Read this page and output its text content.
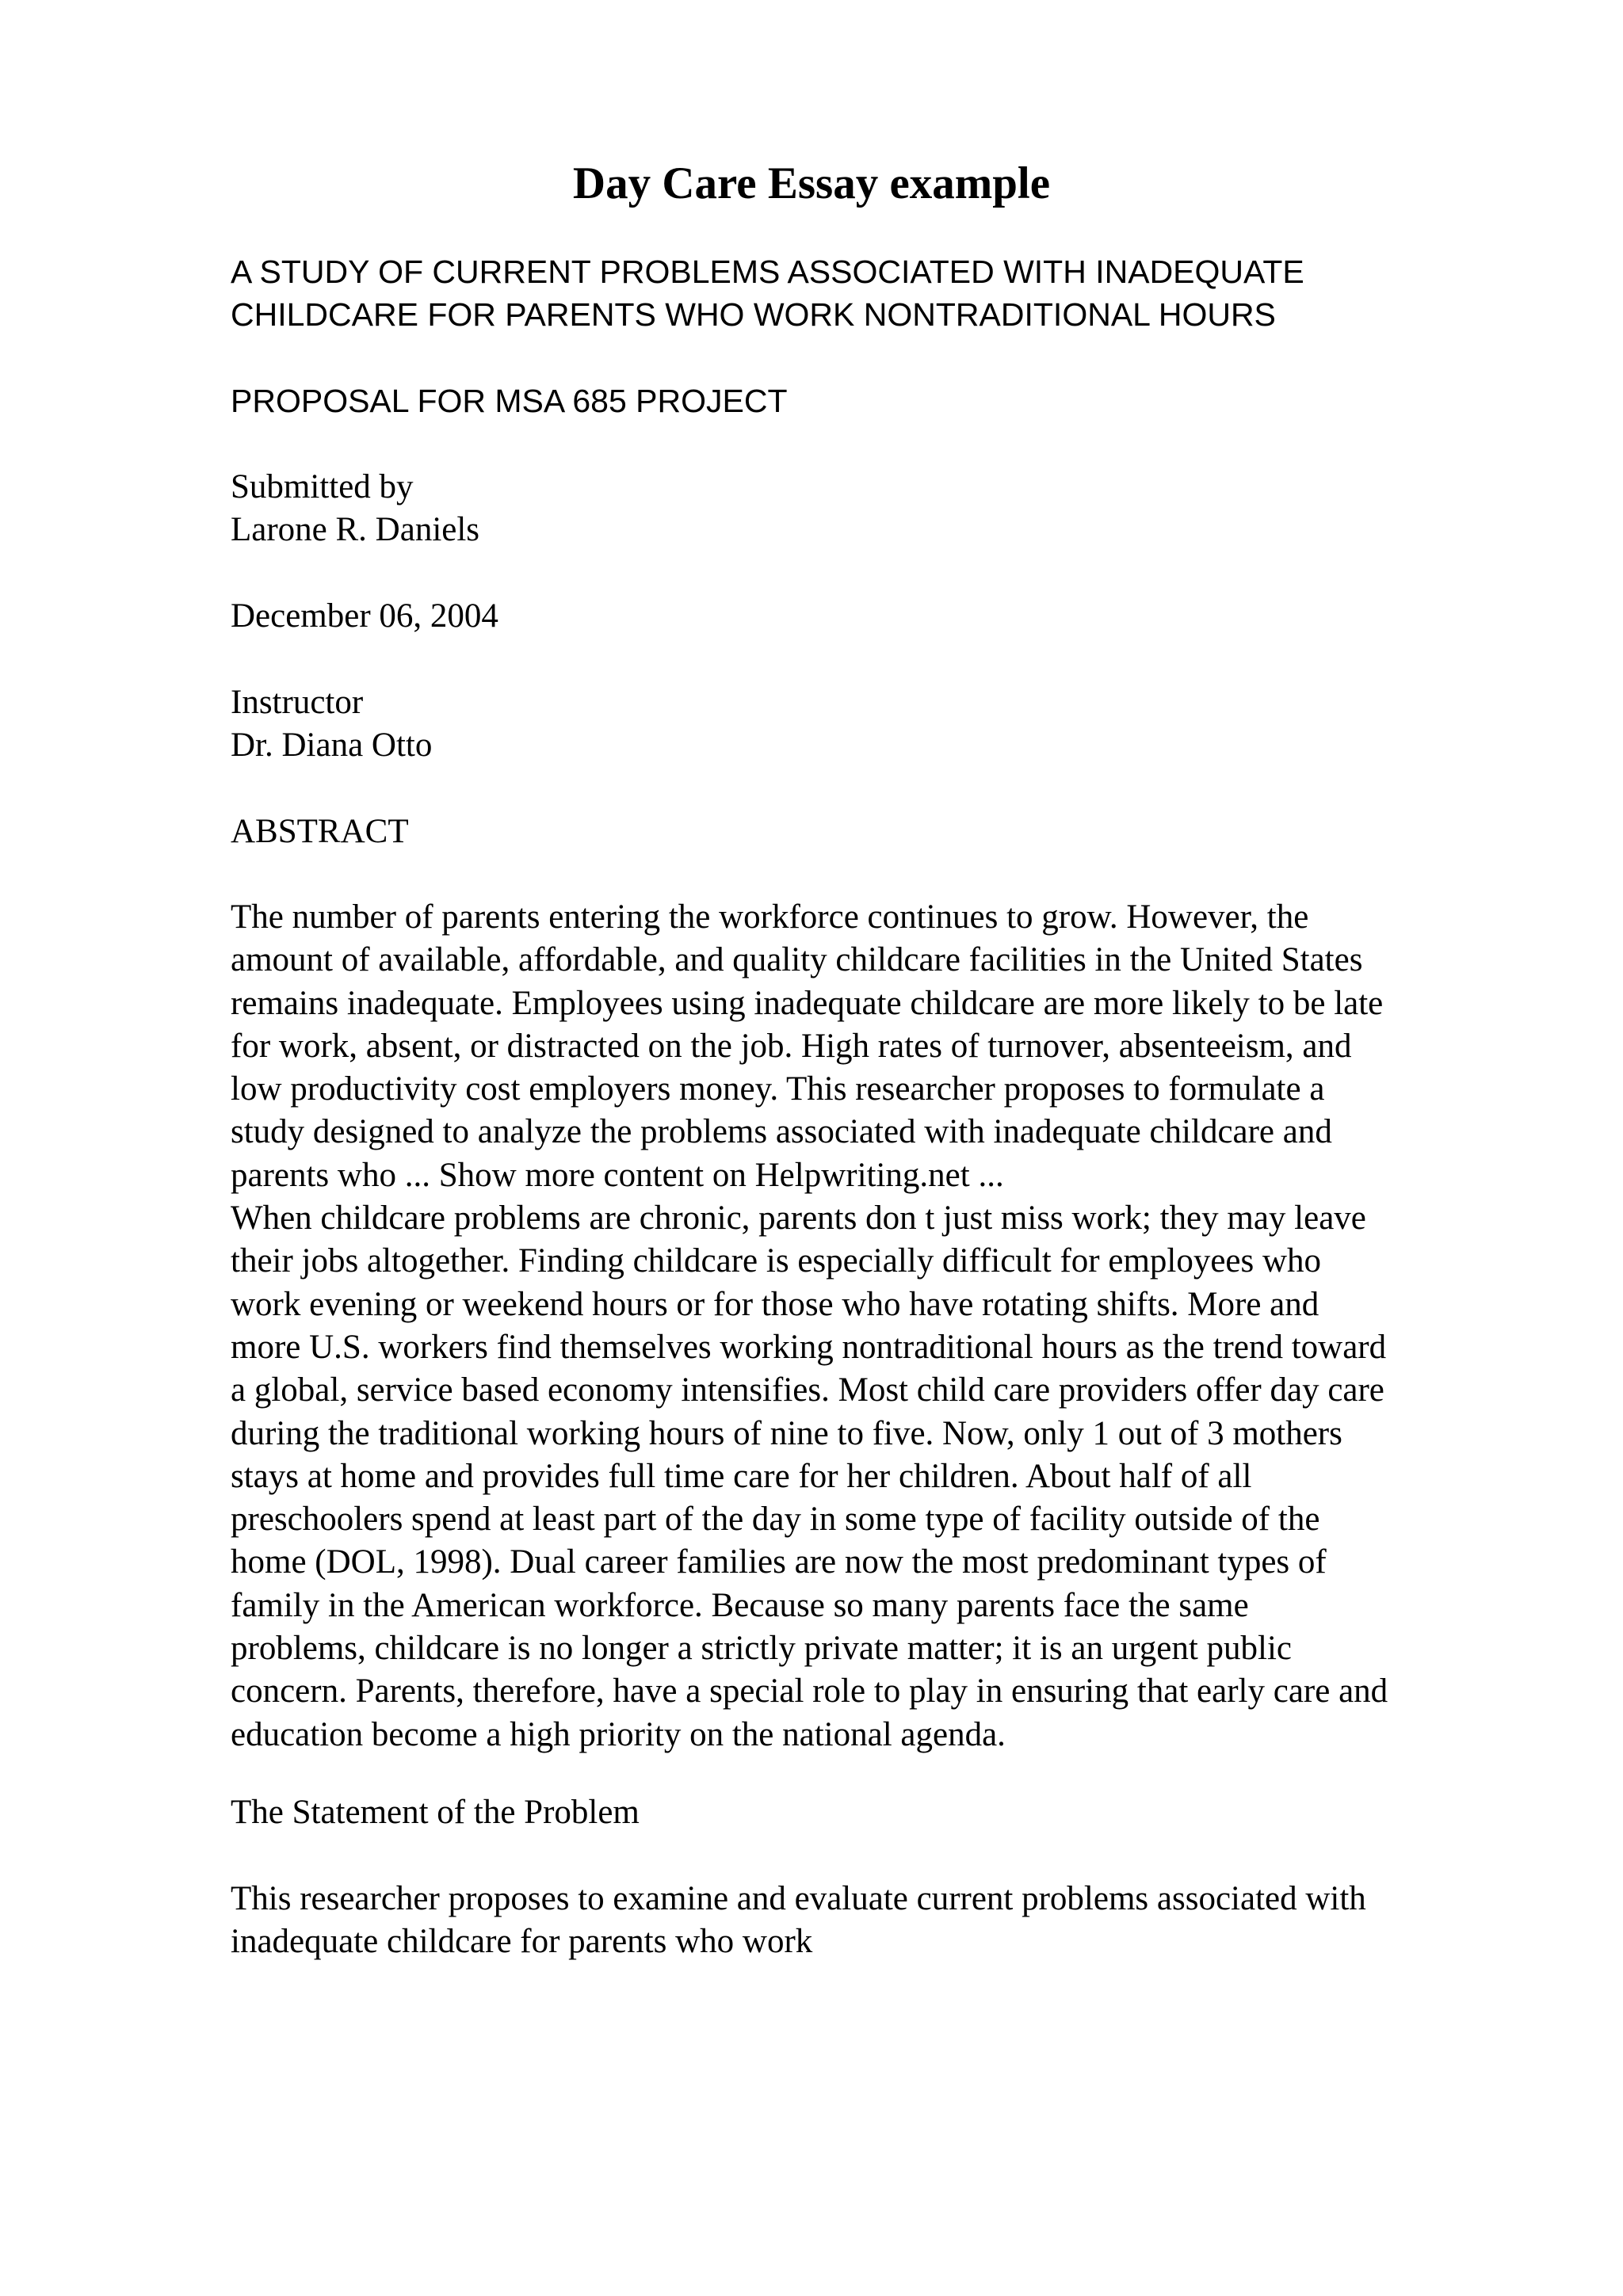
Day Care Essay example
A STUDY OF CURRENT PROBLEMS ASSOCIATED WITH INADEQUATE
CHILDCARE FOR PARENTS WHO WORK NONTRADITIONAL HOURS
PROPOSAL FOR MSA 685 PROJECT
Submitted by
Larone R. Daniels
December 06, 2004
Instructor
Dr. Diana Otto
ABSTRACT
The number of parents entering the workforce continues to grow. However, the
amount of available, affordable, and quality childcare facilities in the United States
remains inadequate. Employees using inadequate childcare are more likely to be late
for work, absent, or distracted on the job. High rates of turnover, absenteeism, and
low productivity cost employers money. This researcher proposes to formulate a
study designed to analyze the problems associated with inadequate childcare and
parents who ... Show more content on Helpwriting.net ...
When childcare problems are chronic, parents don t just miss work; they may leave
their jobs altogether. Finding childcare is especially difficult for employees who
work evening or weekend hours or for those who have rotating shifts. More and
more U.S. workers find themselves working nontraditional hours as the trend toward
a global, service based economy intensifies. Most child care providers offer day care
during the traditional working hours of nine to five. Now, only 1 out of 3 mothers
stays at home and provides full time care for her children. About half of all
preschoolers spend at least part of the day in some type of facility outside of the
home (DOL, 1998). Dual career families are now the most predominant types of
family in the American workforce. Because so many parents face the same
problems, childcare is no longer a strictly private matter; it is an urgent public
concern. Parents, therefore, have a special role to play in ensuring that early care and
education become a high priority on the national agenda.
The Statement of the Problem
This researcher proposes to examine and evaluate current problems associated with
inadequate childcare for parents who work
